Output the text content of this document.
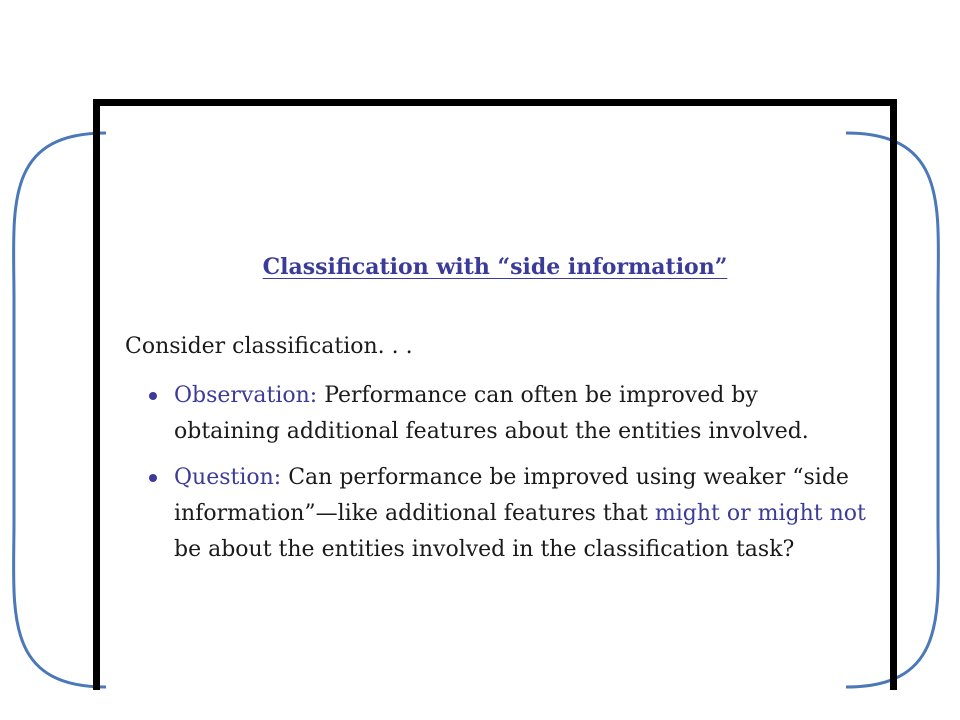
Classification with “side information”

Consider classification. . .

Observation: Performance can often be improved by obtaining additional features about the entities involved.
Question: Can performance be improved using weaker “side information”—like additional features that might or might not be about the entities involved in the classification task?
